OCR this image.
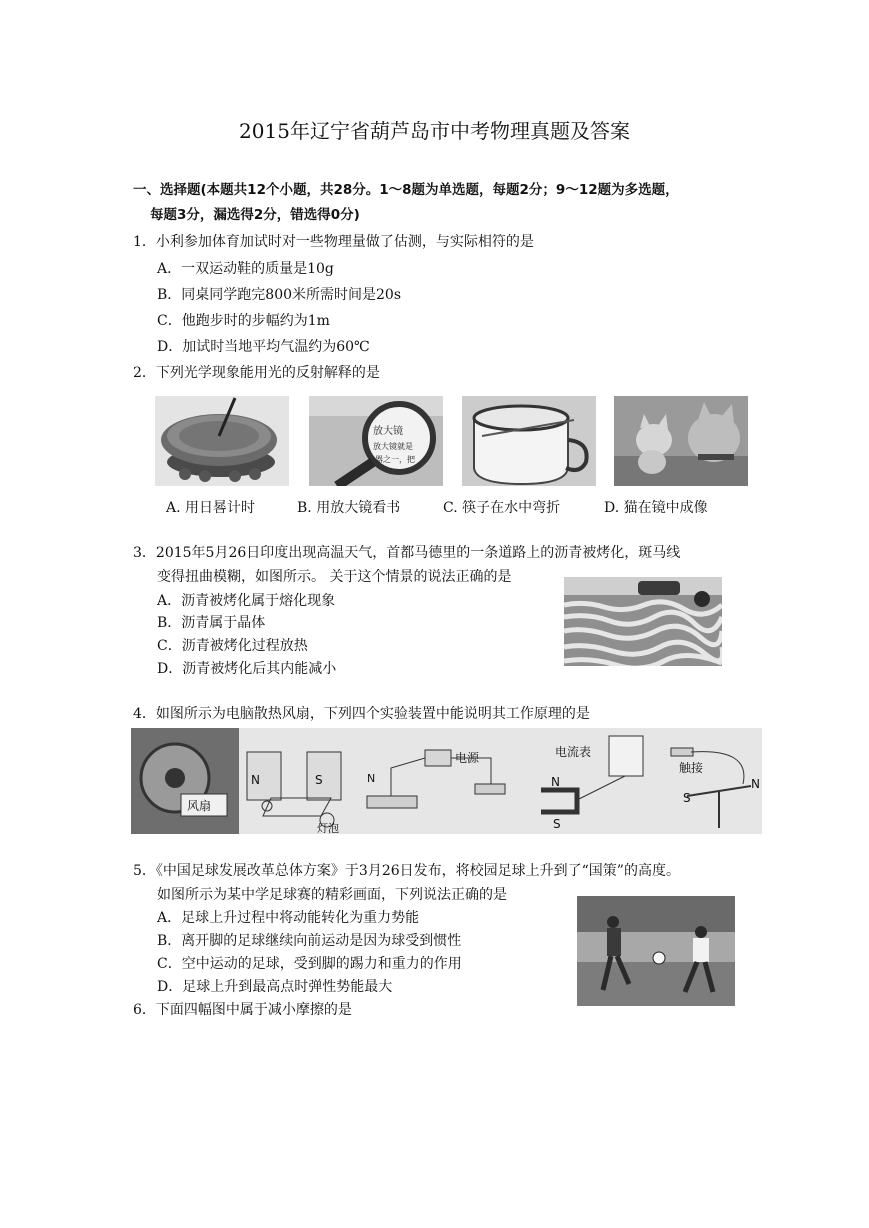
2015年辽宁省葫芦岛市中考物理真题及答案
一、选择题(本题共12个小题，共28分。1～8题为单选题，每题2分；9～12题为多选题，
每题3分，漏选得2分，错选得0分)
1．小利参加体育加试时对一些物理量做了估测，与实际相符的是
A．一双运动鞋的质量是10g
B．同桌同学跑完800米所需时间是20s
C．他跑步时的步幅约为1m
D．加试时当地平均气温约为60℃
2．下列光学现象能用光的反射解释的是
放大镜
放大镜就是
器之一，把
A. 用日晷计时	B. 用放大镜看书	C. 筷子在水中弯折	D. 猫在镜中成像
3．2015年5月26日印度出现高温天气，首都马德里的一条道路上的沥青被烤化，斑马线
变得扭曲模糊，如图所示。 关于这个情景的说法正确的是
A．沥青被烤化属于熔化现象
B．沥青属于晶体
C．沥青被烤化过程放热
D．沥青被烤化后其内能减小
4．如图所示为电脑散热风扇，下列四个实验装置中能说明其工作原理的是
风扇
N	S
灯泡
N
电源	电流表
N
S
触接
S
N
5．《中国足球发展改革总体方案》于3月26日发布，将校园足球上升到了“国策”的高度。
如图所示为某中学足球赛的精彩画面，下列说法正确的是
A．足球上升过程中将动能转化为重力势能
B．离开脚的足球继续向前运动是因为球受到惯性
C．空中运动的足球，受到脚的踢力和重力的作用
D．足球上升到最高点时弹性势能最大
6．下面四幅图中属于减小摩擦的是
